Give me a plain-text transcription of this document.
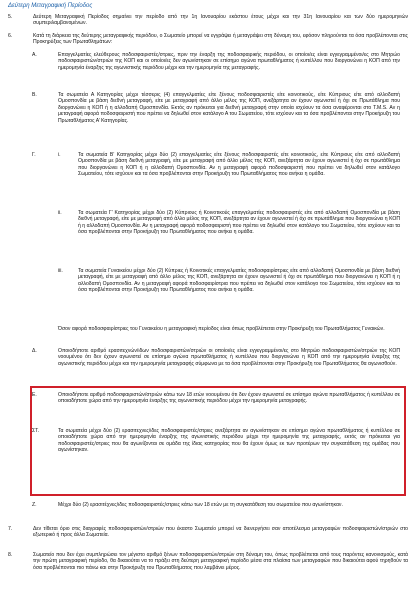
Δεύτερη Μεταγραφική Περίοδος
5.	Δεύτερη Μεταγραφική Περίοδος σημαίνει την περίοδο από την 1η Ιανουαρίου εκάστου έτους μέχρι και την 31η Ιανουαρίου και των δύο ημερομηνιών συμπεριλαμβανομένων.
6.	Κατά τη διάρκεια της δεύτερης μεταγραφικής περιόδου, ο Σωματείο μπορεί να εγγράψει ή μεταγράψει στη δύναμη του, εφόσον πληρούνται τα όσα προβλέπονται στις Προκηρύξεις των Πρωταθλημάτων:
Α.	Επαγγελματίες ελεύθερους ποδοσφαιριστές/στριες, πριν την έναρξη της ποδοσφαιρικής περιόδου, οι οποίοι/ες είναι εγγεγραμμένοι/ες στο Μητρώο ποδοσφαιριστών/στριών της ΚΟΠ και οι οποίοι/ες δεν αγωνίστηκαν σε επίσημο αγώνα πρωταθλήματος ή κυπέλλου που διοργανώνει η ΚΟΠ από την ημερομηνία έναρξης της αγωνιστικής περιόδου μέχρι και την ημερομηνία της μεταγραφής.
Β.	Τα σωματεία Α Κατηγορίας μέχρι τέσσερις (4) επαγγελματίες είτε ξένους ποδοσφαιριστές είτε κοινοτικούς, είτε Κύπριους είτε από αλλοδαπή Ομοσπονδία με βάση διεθνή μεταγραφή, είτε με μεταγραφή από άλλο μέλος της ΚΟΠ, ανεξάρτητα αν έχουν αγωνιστεί ή όχι σε Πρωτάθλημα που διοργανώνει η ΚΟΠ ή η αλλοδαπή Ομοσπονδία. Εκτός αν πρόκειται για διεθνή μεταγραφή στην οποία ισχύουν τα όσα αναφέρονται στο Τ.Μ.S. Αν η μεταγραφή αφορά ποδοσφαιριστή που πρέπει να δηλωθεί στον κατάλογο Α του Σωματείου, τότε ισχύουν και τα όσα προβλέπονται στην Προκήρυξη του Πρωταθλήματος Α’ Κατηγορίας.
Γ.	i.	Τα σωματεία Β’ Κατηγορίας μέχρι δύο (2) επαγγελματίες είτε ξένους ποδοσφαιριστές είτε κοινοτικούς, είτε Κύπριους είτε από αλλοδαπή Ομοσπονδία με βάση διεθνή μεταγραφή, είτε με μεταγραφή από άλλο μέλος της ΚΟΠ, ανεξάρτητα αν έχουν αγωνιστεί ή όχι σε πρωτάθλημα που διοργανώνει η ΚΟΠ ή η αλλοδαπή Ομοσπονδία. Αν η μεταγραφή αφορά ποδοσφαιριστή που πρέπει να δηλωθεί στον κατάλογο Σωματείου, τότε ισχύουν και τα όσα προβλέπονται στην Προκήρυξη του Πρωταθλήματος που ανήκει η ομάδα.
ii.	Τα σωματεία Γ’ Κατηγορίας μέχρι δύο (2) Κύπριους ή Κοινοτικούς επαγγελματίες ποδοσφαιριστές είτε από αλλοδαπή Ομοσπονδία με βάση διεθνή μεταγραφή, είτε με μεταγραφή από άλλο μέλος της ΚΟΠ, ανεξάρτητα αν έχουν αγωνιστεί ή όχι σε πρωτάθλημα που διοργανώνει η ΚΟΠ ή η αλλοδαπή Ομοσπονδία. Αν η μεταγραφή αφορά ποδοσφαιριστή που πρέπει να δηλωθεί στον κατάλογο του Σωματείου, τότε ισχύουν και τα όσα προβλέπονται στην Προκήρυξη του Πρωταθλήματος που ανήκει η ομάδα.
iii.	Τα σωματεία Γυναικείου μέχρι δύο (2) Κύπριες ή Κοινοτικές επαγγελματίες ποδοσφαιρίστριες είτε από αλλοδαπή Ομοσπονδία με βάση διεθνή μεταγραφή, είτε με μεταγραφή από άλλο μέλος της ΚΟΠ, ανεξάρτητα αν έχουν αγωνιστεί ή όχι σε πρωτάθλημα που διοργανώνει η ΚΟΠ ή η αλλοδαπή Ομοσπονδία. Αν η μεταγραφή αφορά ποδοσφαιρίστρια που πρέπει να δηλωθεί στον κατάλογο του Σωματείου, τότε ισχύουν και τα όσα προβλέπονται στην Προκήρυξη του Πρωταθλήματος που ανήκει η ομάδα.
Όσον αφορά ποδοσφαιρίστριες του Γυναικείου η μεταγραφική περίοδος είναι όπως προβλέπεται στην Προκήρυξη του Πρωταθλήματος Γυναικών.
Δ.	Οποιοδήποτε αριθμό ερασιτεχνών/ιδων ποδοσφαιριστών/στριών οι οποίοι/ες είναι εγγεγραμμένοι/ες στο Μητρώο ποδοσφαιριστών/στριών της ΚΟΠ νοουμένου ότι δεν έχουν αγωνιστεί σε επίσημο αγώνα πρωταθλήματος ή κυπέλλου που διοργανώνει η ΚΟΠ από την ημερομηνία έναρξης της αγωνιστικής περιόδου μέχρι και την ημερομηνία μεταγραφής σύμφωνα με τα όσα προβλέπονται στην Προκήρυξη του Πρωταθλήματος θα αγωνισθούν.
Ε.	Οποιοδήποτε αριθμό ποδοσφαιριστών/στριών κάτω των 18 ετών νοουμένου ότι δεν έχουν αγωνιστεί σε επίσημο αγώνα πρωταθλήματος ή κυπέλλου σε οποιαδήποτε χώρα από την ημερομηνία έναρξης της αγωνιστικής περιόδου μέχρι την ημερομηνία μεταγραφής.
ΣΤ.	Τα σωματεία μέχρι δύο (2) ερασιτεχνες/ιδες ποδοσφαιριστές/στριες ανεξάρτητα αν αγωνίστηκαν σε επίσημο αγώνα πρωταθλήματος ή κυπέλλου σε οποιαδήποτε χώρα από την ημερομηνία έναρξης της αγωνιστικής περιόδου μέχρι την ημερομηνία της μεταγραφής, εκτός αν πρόκειται για ποδοσφαιριστές/στριες που θα αγωνίζονται σε ομάδα της ίδιας κατηγορίας που θα έχουν όμως εκ των προτέρων την συγκατάθεση της ομάδας που αγωνίστηκαν.
Ζ.	Μέχρι δύο (2) ερασιτέχνες/ιδες ποδοσφαιριστές/στριες κάτω των 18 ετών με τη συγκατάθεση του σωματείου που αγωνίστηκαν.
7.	Δεν τίθεται όριο στις διαγραφές ποδοσφαιριστών/στριών που έκαστο Σωματείο μπορεί να διενεργήσει σαν αποτέλεσμα μεταγραφών ποδοσφαιριστών/στριών στο εξωτερικό ή προς άλλα Σωματεία.
8.	Σωματείο που δεν έχει συμπληρώσει τον μέγιστο αριθμό ξένων ποδοσφαιριστών/στριών στη δύναμη του, όπως προβλέπεται από τους παρόντες κανονισμούς, κατά την πρώτη μεταγραφική περίοδο, θα δικαιούται να το πράξει στη δεύτερη μεταγραφική περίοδο μέσα στα πλαίσια των μεταγραφών που δικαιούται αφού τηρηθούν τα όσα προβλέπονται πιο πάνω και στην Προκήρυξη του Πρωταθλήματος που λαμβάνει μέρος.
